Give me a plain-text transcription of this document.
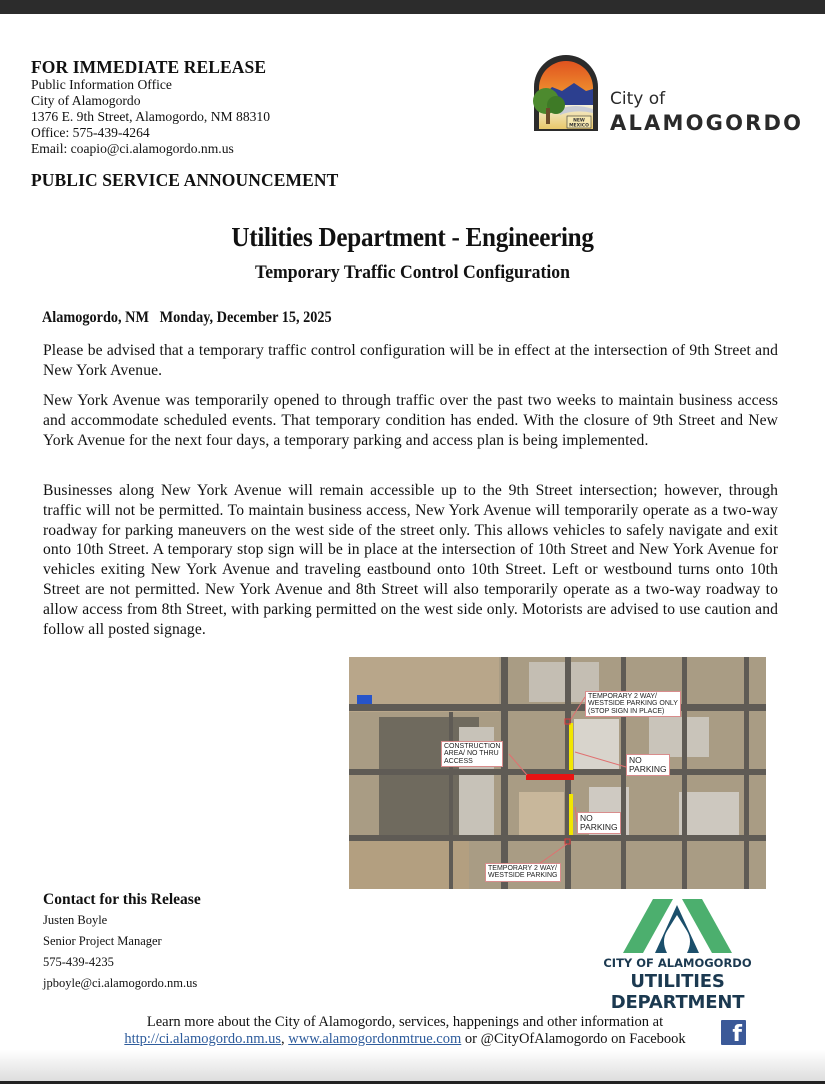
FOR IMMEDIATE RELEASE
Public Information Office
City of Alamogordo
1376 E. 9th Street, Alamogordo, NM 88310
Office: 575-439-4264
Email: coapio@ci.alamogordo.nm.us
PUBLIC SERVICE ANNOUNCEMENT
NEW
MEXICO
City of
ALAMOGORDO
Utilities Department - Engineering
Temporary Traffic Control Configuration
Alamogordo, NM   Monday, December 15, 2025
Please be advised that a temporary traffic control configuration will be in effect at the intersection of 9th Street and New York Avenue.
New York Avenue was temporarily opened to through traffic over the past two weeks to maintain business access and accommodate scheduled events. That temporary condition has ended. With the closure of 9th Street and New York Avenue for the next four days, a temporary parking and access plan is being implemented.
Businesses along New York Avenue will remain accessible up to the 9th Street intersection; however, through traffic will not be permitted. To maintain business access, New York Avenue will temporarily operate as a two-way roadway for parking maneuvers on the west side of the street only. This allows vehicles to safely navigate and exit onto 10th Street. A temporary stop sign will be in place at the intersection of 10th Street and New York Avenue for vehicles exiting New York Avenue and traveling eastbound onto 10th Street. Left or westbound turns onto 10th Street are not permitted. New York Avenue and 8th Street will also temporarily operate as a two-way roadway to allow access from 8th Street, with parking permitted on the west side only. Motorists are advised to use caution and follow all posted signage.
CONSTRUCTION
AREA/ NO THRU
ACCESS
TEMPORARY 2 WAY/
WESTSIDE PARKING ONLY
(STOP SIGN IN PLACE)
NO
PARKING
NO
PARKING
TEMPORARY 2 WAY/
WESTSIDE PARKING
Contact for this Release
Justen Boyle
Senior Project Manager
575-439-4235
jpboyle@ci.alamogordo.nm.us
CITY OF ALAMOGORDO
UTILITIES DEPARTMENT
Learn more about the City of Alamogordo, services, happenings and other information at
http://ci.alamogordo.nm.us, www.alamogordonmtrue.com or @CityOfAlamogordo on Facebook	f
